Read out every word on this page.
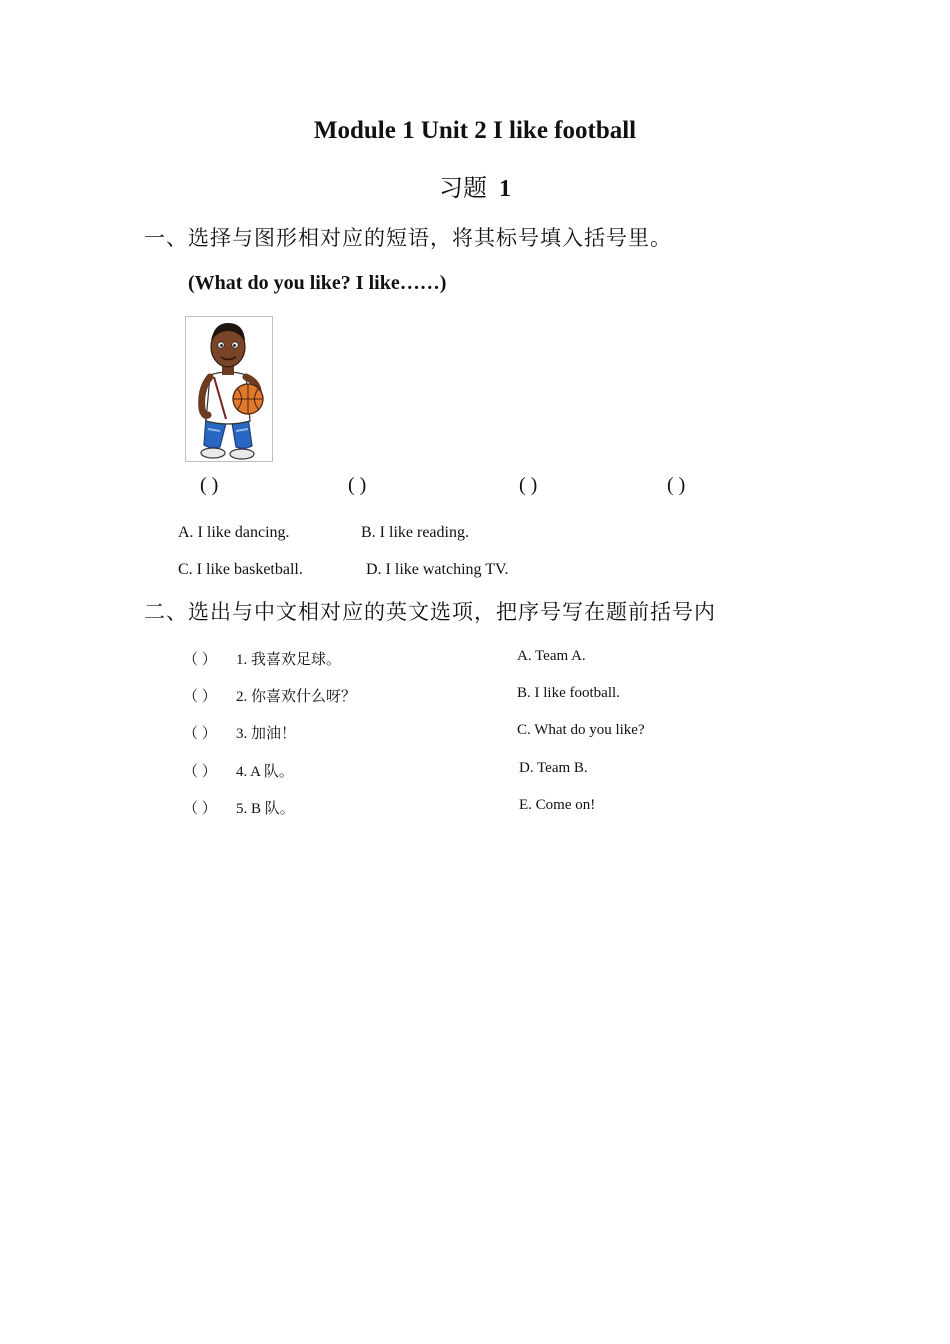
Module 1 Unit 2 I like football
习题 1
一、选择与图形相对应的短语，将其标号填入括号里。
(What do you like? I like……)
( )	( )	( )	( )
A. I like dancing.	B. I like reading.
C. I like basketball.	D. I like watching TV.
二、选出与中文相对应的英文选项，把序号写在题前括号内
（ ） 1. 我喜欢足球。	A. Team A.
（ ） 2. 你喜欢什么呀？	B. I like football.
（ ） 3. 加油！	C. What do you like?
（ ） 4. A 队。	D. Team B.
（ ） 5. B 队。	E. Come on!
